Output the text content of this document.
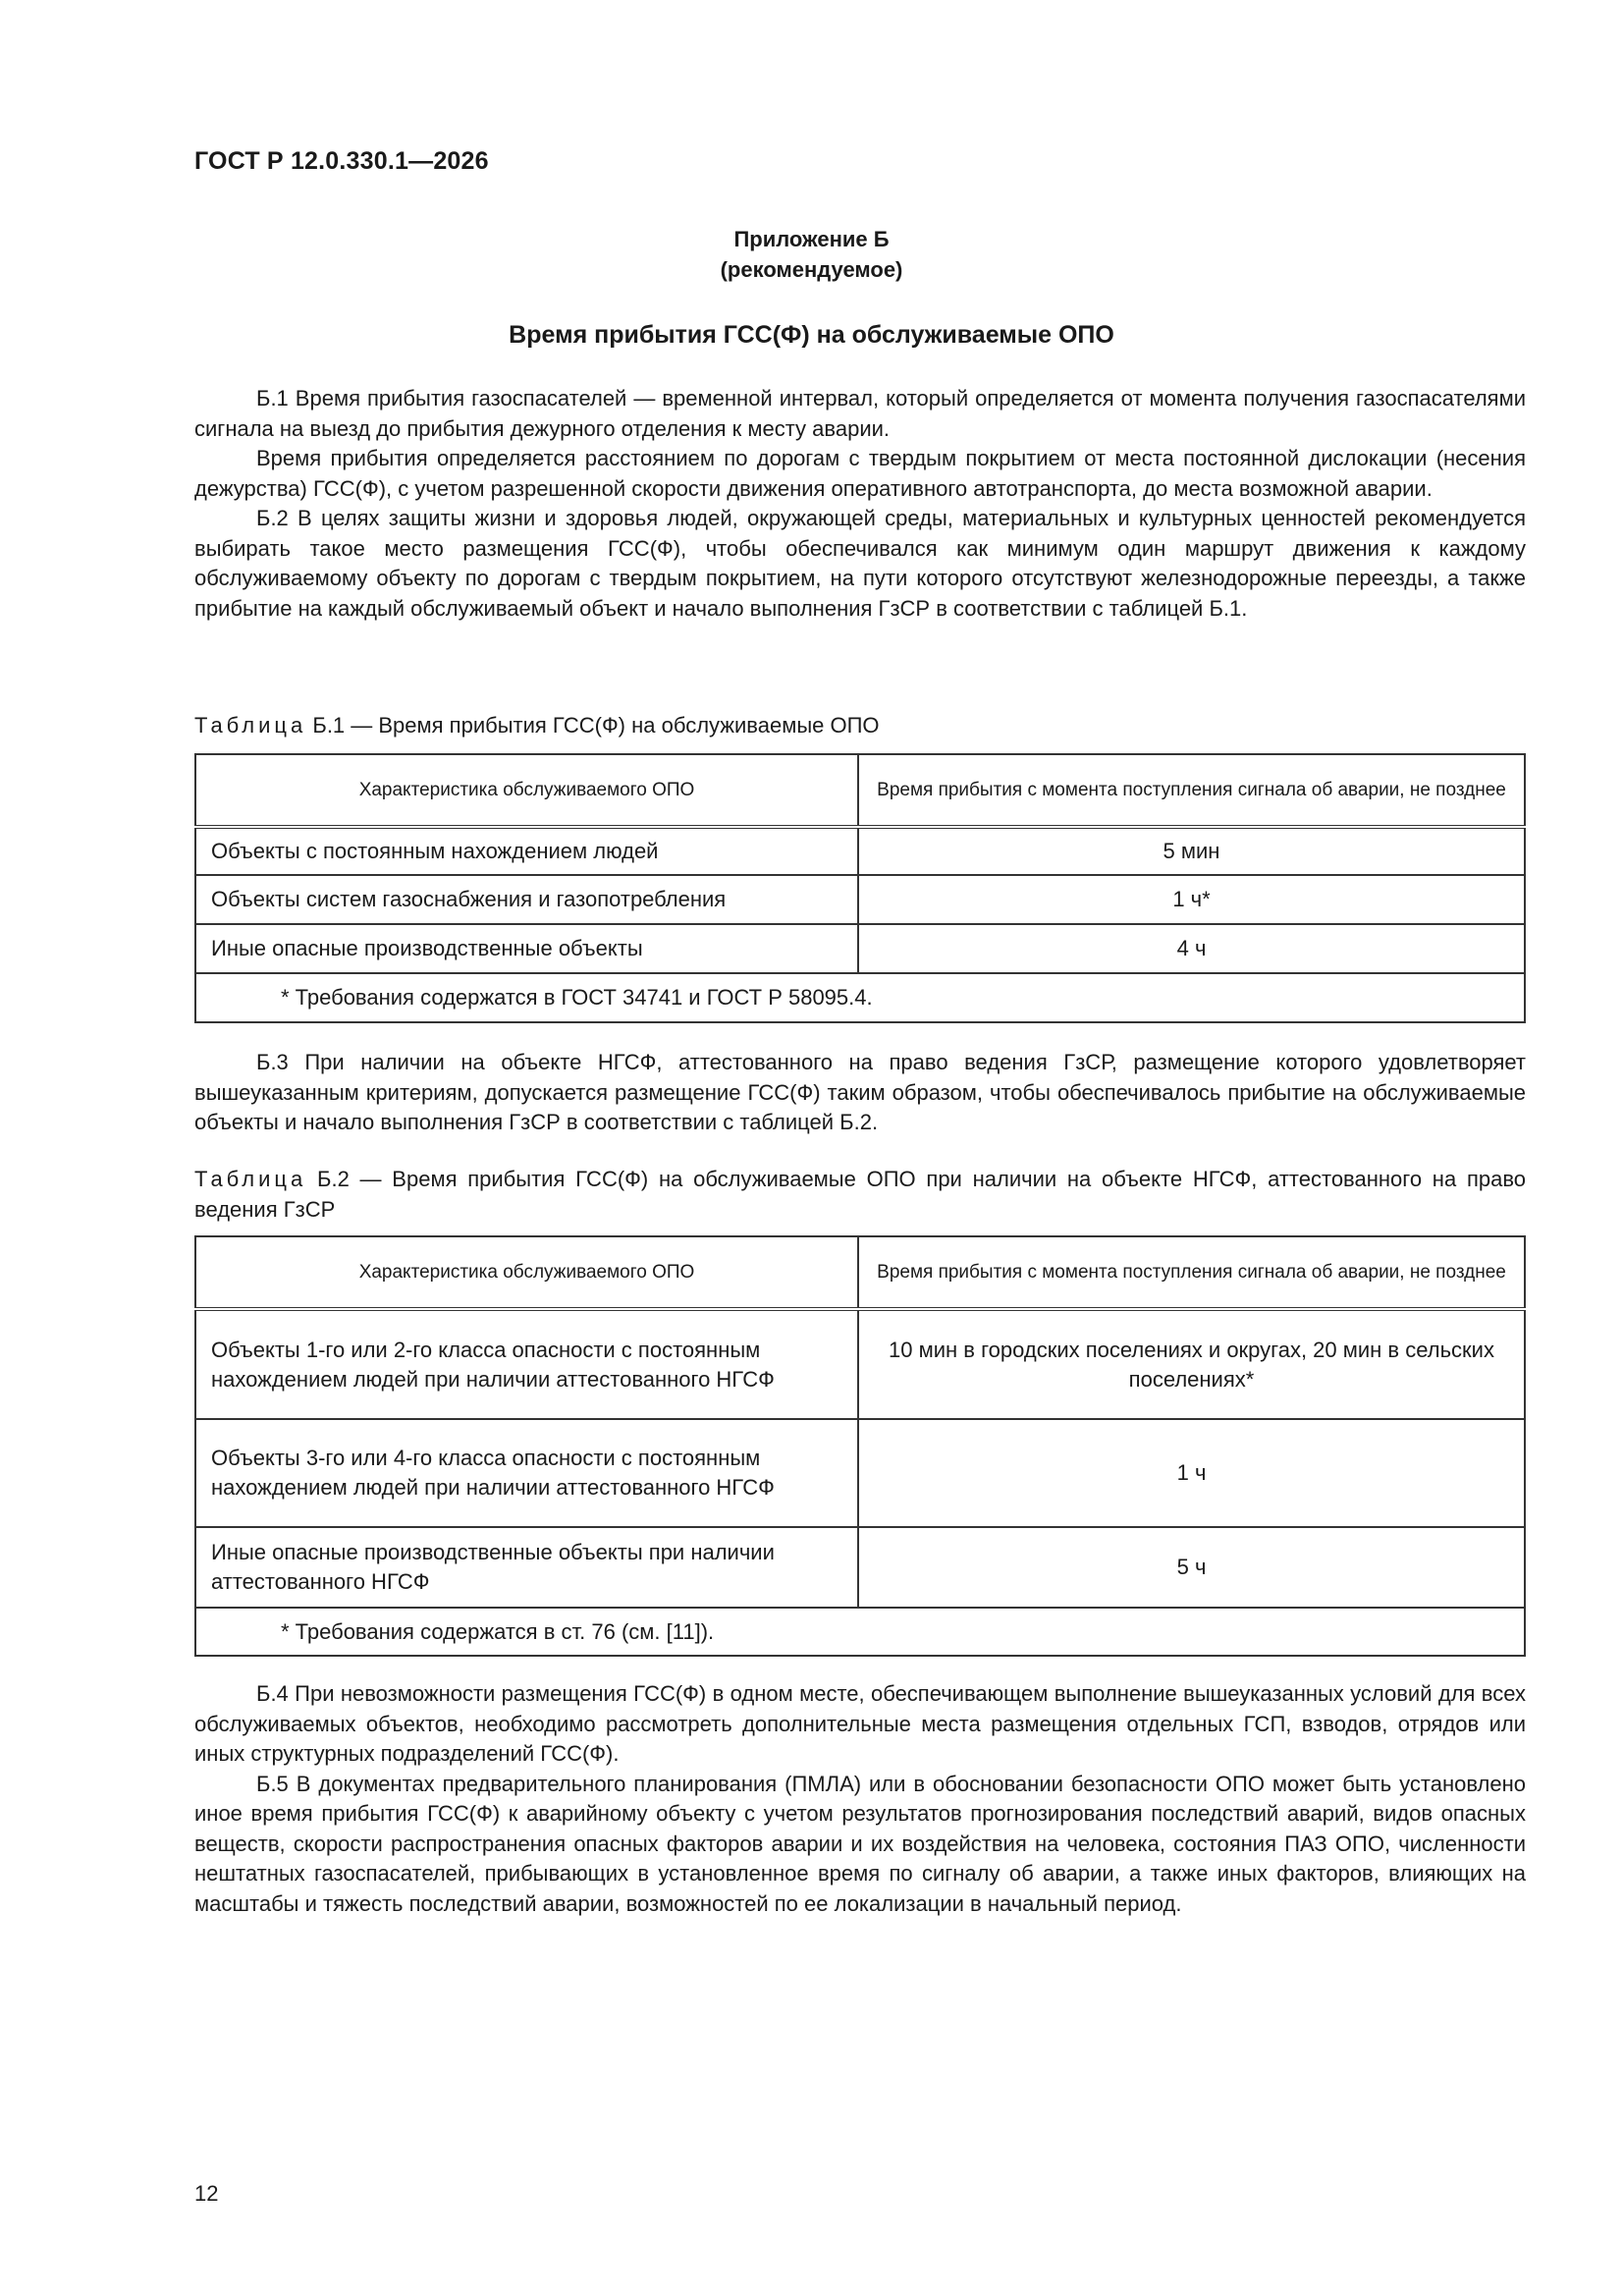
ГОСТ Р 12.0.330.1—2026
Приложение Б
(рекомендуемое)
Время прибытия ГСС(Ф) на обслуживаемые ОПО

Б.1 Время прибытия газоспасателей — временной интервал, который определяется от момента получения газоспасателями сигнала на выезд до прибытия дежурного отделения к месту аварии.

Время прибытия определяется расстоянием по дорогам с твердым покрытием от места постоянной дислокации (несения дежурства) ГСС(Ф), с учетом разрешенной скорости движения оперативного автотранспорта, до места возможной аварии.

Б.2 В целях защиты жизни и здоровья людей, окружающей среды, материальных и культурных ценностей рекомендуется выбирать такое место размещения ГСС(Ф), чтобы обеспечивался как минимум один маршрут движения к каждому обслуживаемому объекту по дорогам с твердым покрытием, на пути которого отсутствуют железнодорожные переезды, а также прибытие на каждый обслуживаемый объект и начало выполнения ГзСР в соответствии с таблицей Б.1.

Таблица Б.1 — Время прибытия ГСС(Ф) на обслуживаемые ОПО
Характеристика обслуживаемого ОПО	Время прибытия с момента поступления сигнала об аварии, не позднее
Объекты с постоянным нахождением людей	5 мин
Объекты систем газоснабжения и газопотребления	1 ч*
Иные опасные производственные объекты	4 ч
* Требования содержатся в ГОСТ 34741 и ГОСТ Р 58095.4.	

Б.3 При наличии на объекте НГСФ, аттестованного на право ведения ГзСР, размещение которого удовлетворяет вышеуказанным критериям, допускается размещение ГСС(Ф) таким образом, чтобы обеспечивалось прибытие на обслуживаемые объекты и начало выполнения ГзСР в соответствии с таблицей Б.2.

Таблица Б.2 — Время прибытия ГСС(Ф) на обслуживаемые ОПО при наличии на объекте НГСФ, аттестованного на право ведения ГзСР
Характеристика обслуживаемого ОПО	Время прибытия с момента поступления сигнала об аварии, не позднее
Объекты 1-го или 2-го класса опасности с постоянным нахождением людей при наличии аттестованного НГСФ	10 мин в городских поселениях и округах, 20 мин в сельских поселениях*
Объекты 3-го или 4-го класса опасности с постоянным нахождением людей при наличии аттестованного НГСФ	1 ч
Иные опасные производственные объекты при наличии аттестованного НГСФ	5 ч
* Требования содержатся в ст. 76 (см. [11]).	

Б.4 При невозможности размещения ГСС(Ф) в одном месте, обеспечивающем выполнение вышеуказанных условий для всех обслуживаемых объектов, необходимо рассмотреть дополнительные места размещения отдельных ГСП, взводов, отрядов или иных структурных подразделений ГСС(Ф).

Б.5 В документах предварительного планирования (ПМЛА) или в обосновании безопасности ОПО может быть установлено иное время прибытия ГСС(Ф) к аварийному объекту с учетом результатов прогнозирования последствий аварий, видов опасных веществ, скорости распространения опасных факторов аварии и их воздействия на человека, состояния ПАЗ ОПО, численности нештатных газоспасателей, прибывающих в установленное время по сигналу об аварии, а также иных факторов, влияющих на масштабы и тяжесть последствий аварии, возможностей по ее локализации в начальный период.

12
